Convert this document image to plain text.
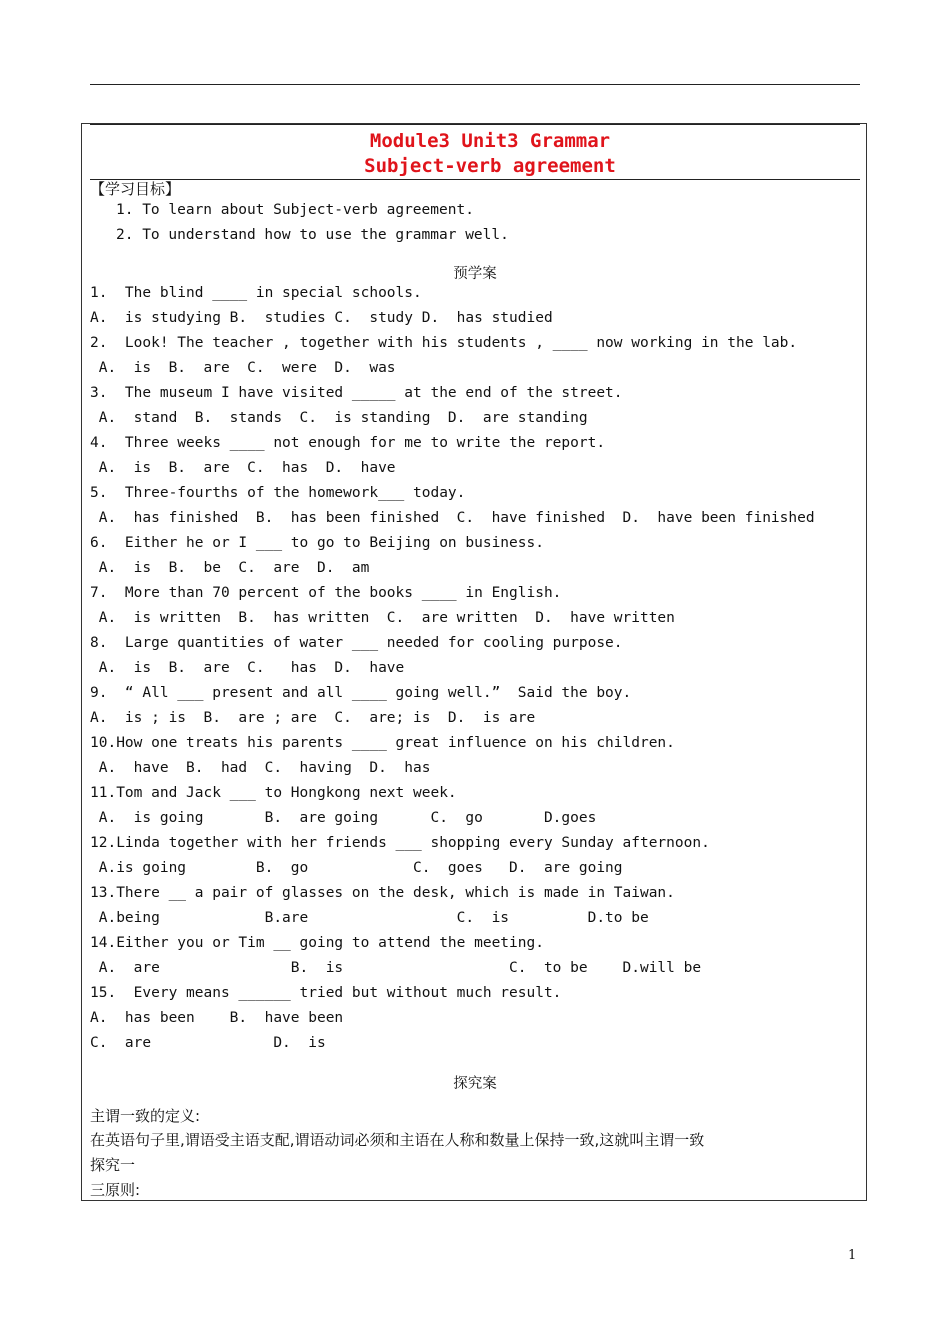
Module3 Unit3 Grammar
Subject-verb agreement
【学习目标】
1. To learn about Subject-verb agreement.
2. To understand how to use the grammar well.
预学案
1.  The blind ____ in special schools.
A.  is studying B.  studies C.  study D.  has studied
2.  Look! The teacher , together with his students , ____ now working in the lab.
A.  is  B.  are  C.  were  D.  was
3.  The museum I have visited _____ at the end of the street.
A.  stand  B.  stands  C.  is standing  D.  are standing
4.  Three weeks ____ not enough for me to write the report.
A.  is  B.  are  C.  has  D.  have
5.  Three-fourths of the homework___ today.
A.  has finished  B.  has been finished  C.  have finished  D.  have been finished
6.  Either he or I ___ to go to Beijing on business.
A.  is  B.  be  C.  are  D.  am
7.  More than 70 percent of the books ____ in English.
A.  is written  B.  has written  C.  are written  D.  have written
8.  Large quantities of water ___ needed for cooling purpose.
A.  is  B.  are  C.   has  D.  have
9.  “ All ___ present and all ____ going well.”  Said the boy.
A.  is ; is  B.  are ; are  C.  are; is  D.  is are
10.How one treats his parents ____ great influence on his children.
A.  have  B.  had  C.  having  D.  has
11.Tom and Jack ___ to Hongkong next week.
A.  is going       B.  are going      C.  go       D.goes
12.Linda together with her friends ___ shopping every Sunday afternoon.
A.is going        B.  go            C.  goes   D.  are going
13.There __ a pair of glasses on the desk, which is made in Taiwan.
A.being            B.are                 C.  is         D.to be
14.Either you or Tim __ going to attend the meeting.
A.  are               B.  is                   C.  to be    D.will be
15.  Every means ______ tried but without much result.
A.  has been    B.  have been
C.  are              D.  is
探究案
主谓一致的定义:
在英语句子里,谓语受主语支配,谓语动词必须和主语在人称和数量上保持一致,这就叫主谓一致
探究一
三原则:
1
